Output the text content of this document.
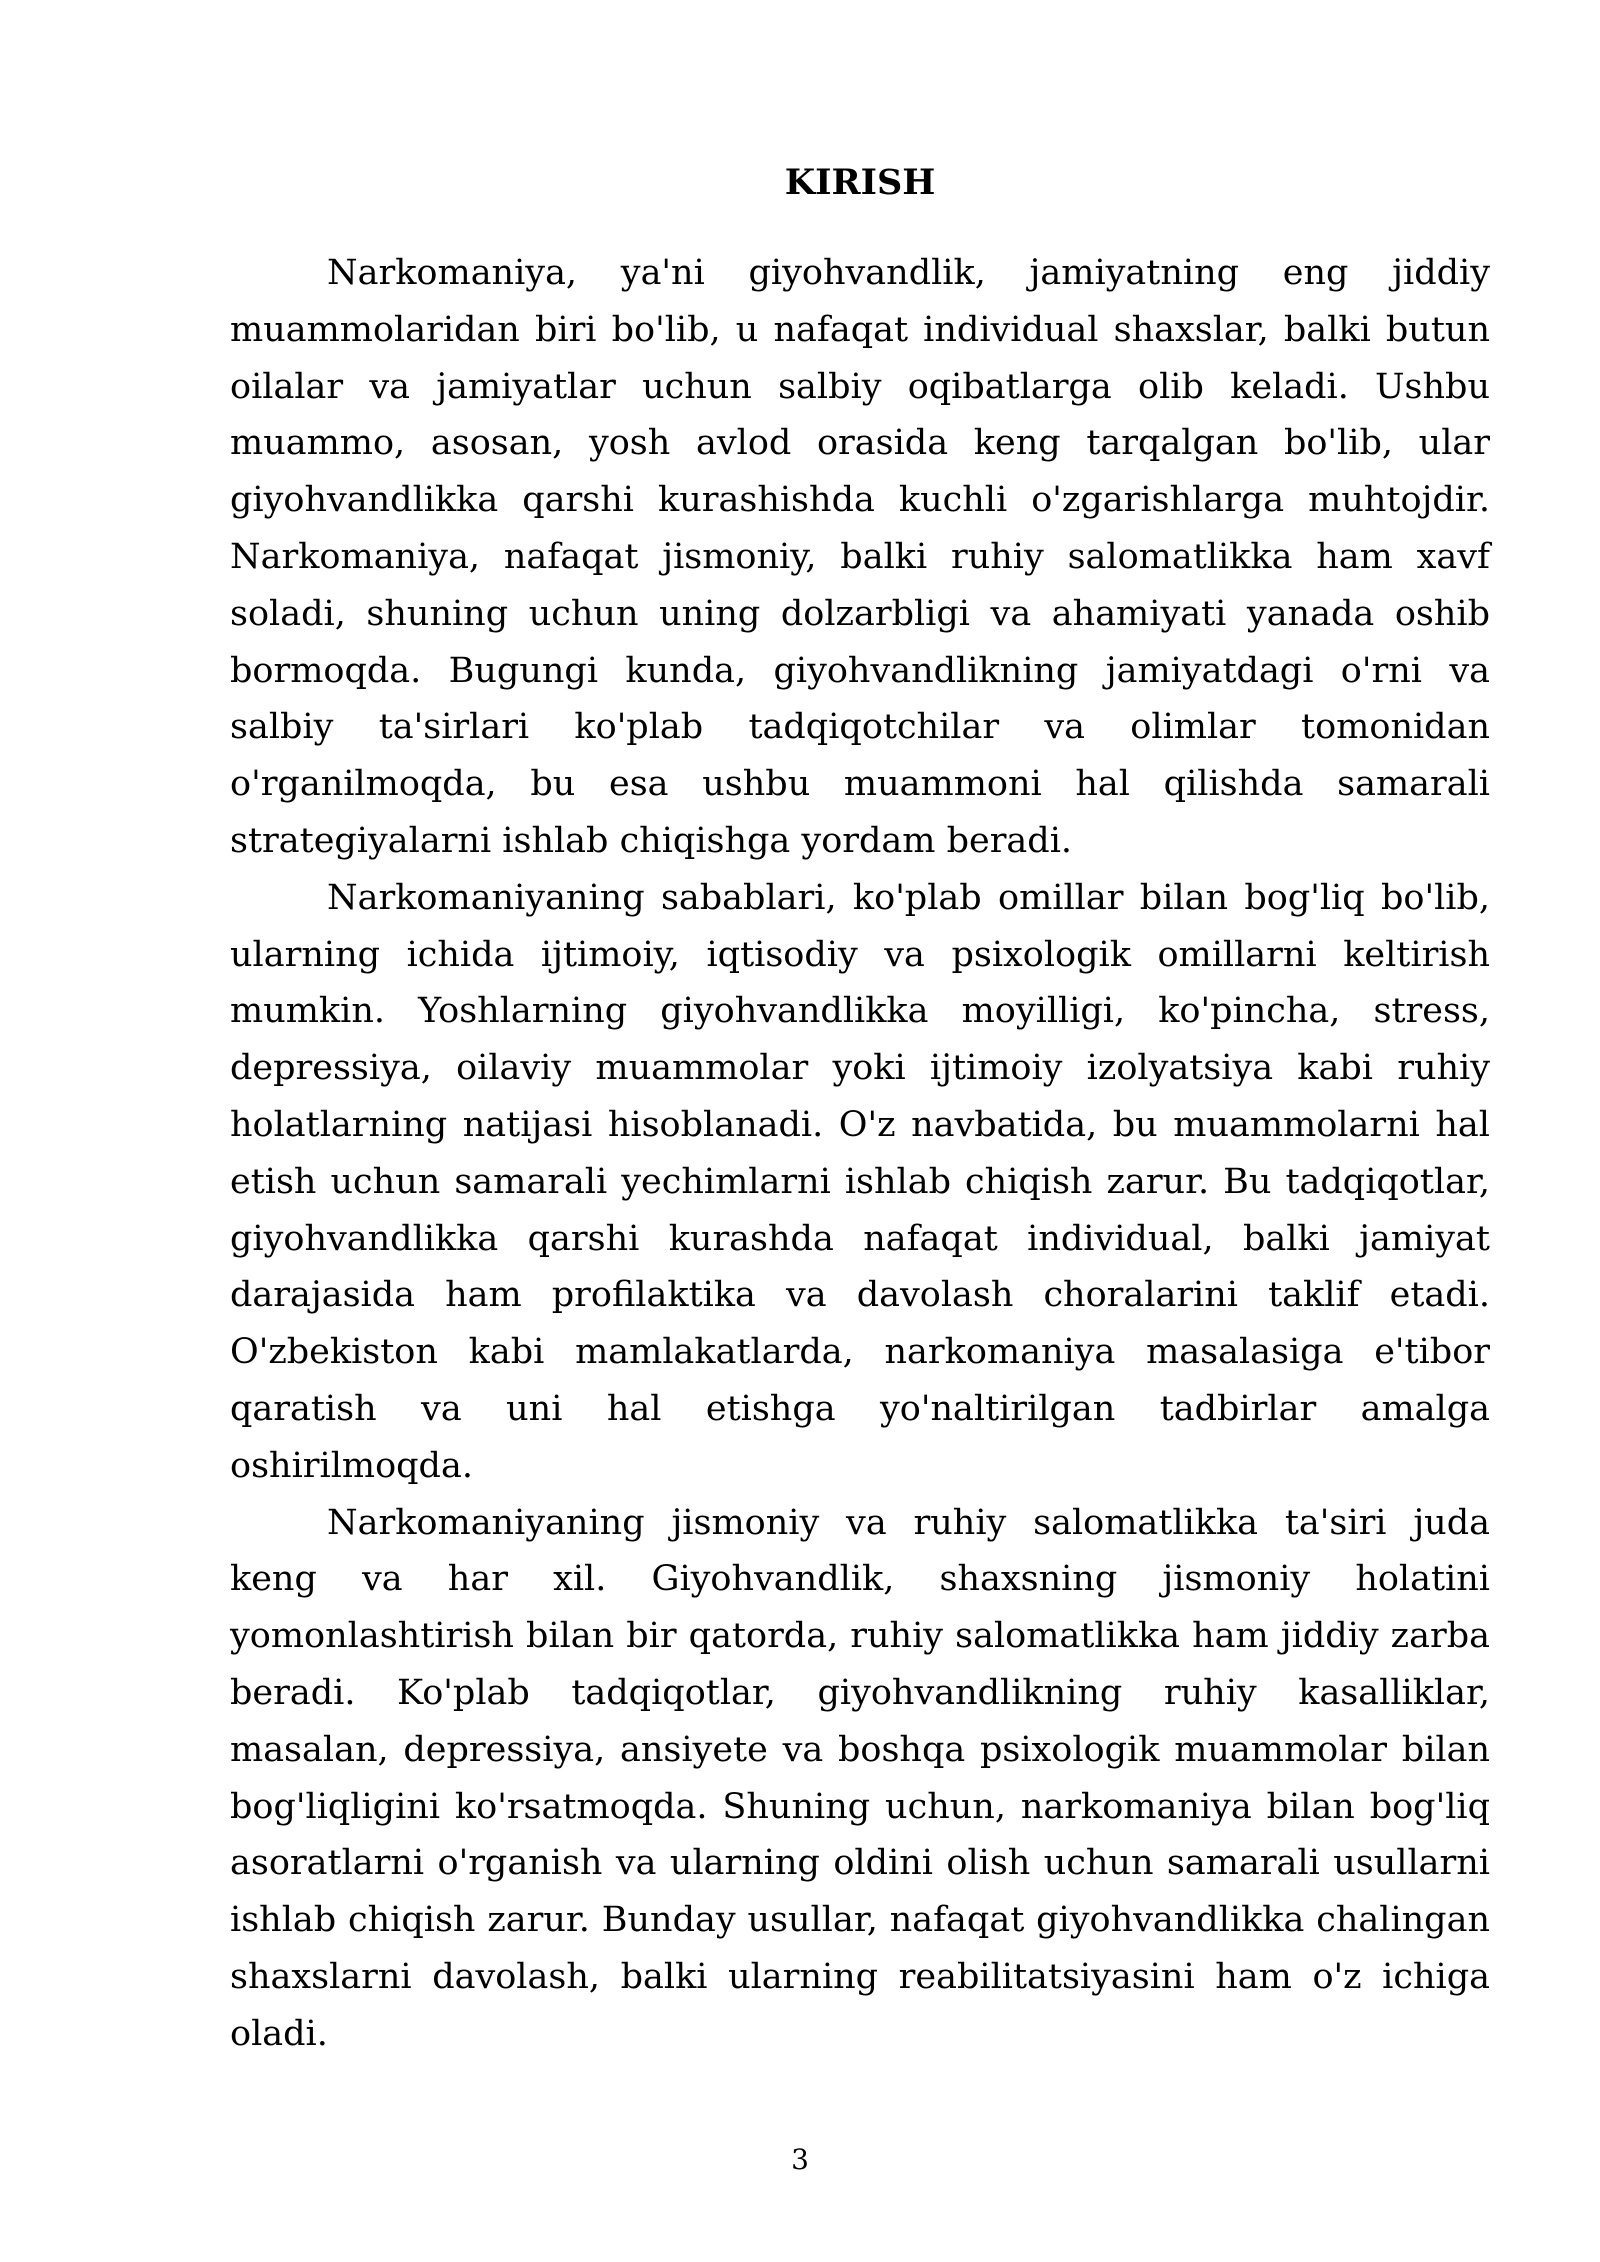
KIRISH

Narkomaniya, ya'ni giyohvandlik, jamiyatning eng jiddiy muammolaridan biri bo'lib, u nafaqat individual shaxslar, balki butun oilalar va jamiyatlar uchun salbiy oqibatlarga olib keladi. Ushbu muammo, asosan, yosh avlod orasida keng tarqalgan bo'lib, ular giyohvandlikka qarshi kurashishda kuchli o'zgarishlarga muhtojdir. Narkomaniya, nafaqat jismoniy, balki ruhiy salomatlikka ham xavf soladi, shuning uchun uning dolzarbligi va ahamiyati yanada oshib bormoqda. Bugungi kunda, giyohvandlikning jamiyatdagi o'rni va salbiy ta'sirlari ko'plab tadqiqotchilar va olimlar tomonidan o'rganilmoqda, bu esa ushbu muammoni hal qilishda samarali strategiyalarni ishlab chiqishga yordam beradi.

Narkomaniyaning sabablari, ko'plab omillar bilan bog'liq bo'lib, ularning ichida ijtimoiy, iqtisodiy va psixologik omillarni keltirish mumkin. Yoshlarning giyohvandlikka moyilligi, ko'pincha, stress, depressiya, oilaviy muammolar yoki ijtimoiy izolyatsiya kabi ruhiy holatlarning natijasi hisoblanadi. O'z navbatida, bu muammolarni hal etish uchun samarali yechimlarni ishlab chiqish zarur. Bu tadqiqotlar, giyohvandlikka qarshi kurashda nafaqat individual, balki jamiyat darajasida ham profilaktika va davolash choralarini taklif etadi. O'zbekiston kabi mamlakatlarda, narkomaniya masalasiga e'tibor qaratish va uni hal etishga yo'naltirilgan tadbirlar amalga oshirilmoqda.

Narkomaniyaning jismoniy va ruhiy salomatlikka ta'siri juda keng va har xil. Giyohvandlik, shaxsning jismoniy holatini yomonlashtirish bilan bir qatorda, ruhiy salomatlikka ham jiddiy zarba beradi. Ko'plab tadqiqotlar, giyohvandlikning ruhiy kasalliklar, masalan, depressiya, ansiyete va boshqa psixologik muammolar bilan bog'liqligini ko'rsatmoqda. Shuning uchun, narkomaniya bilan bog'liq asoratlarni o'rganish va ularning oldini olish uchun samarali usullarni ishlab chiqish zarur. Bunday usullar, nafaqat giyohvandlikka chalingan shaxslarni davolash, balki ularning reabilitatsiyasini ham o'z ichiga oladi.

3
